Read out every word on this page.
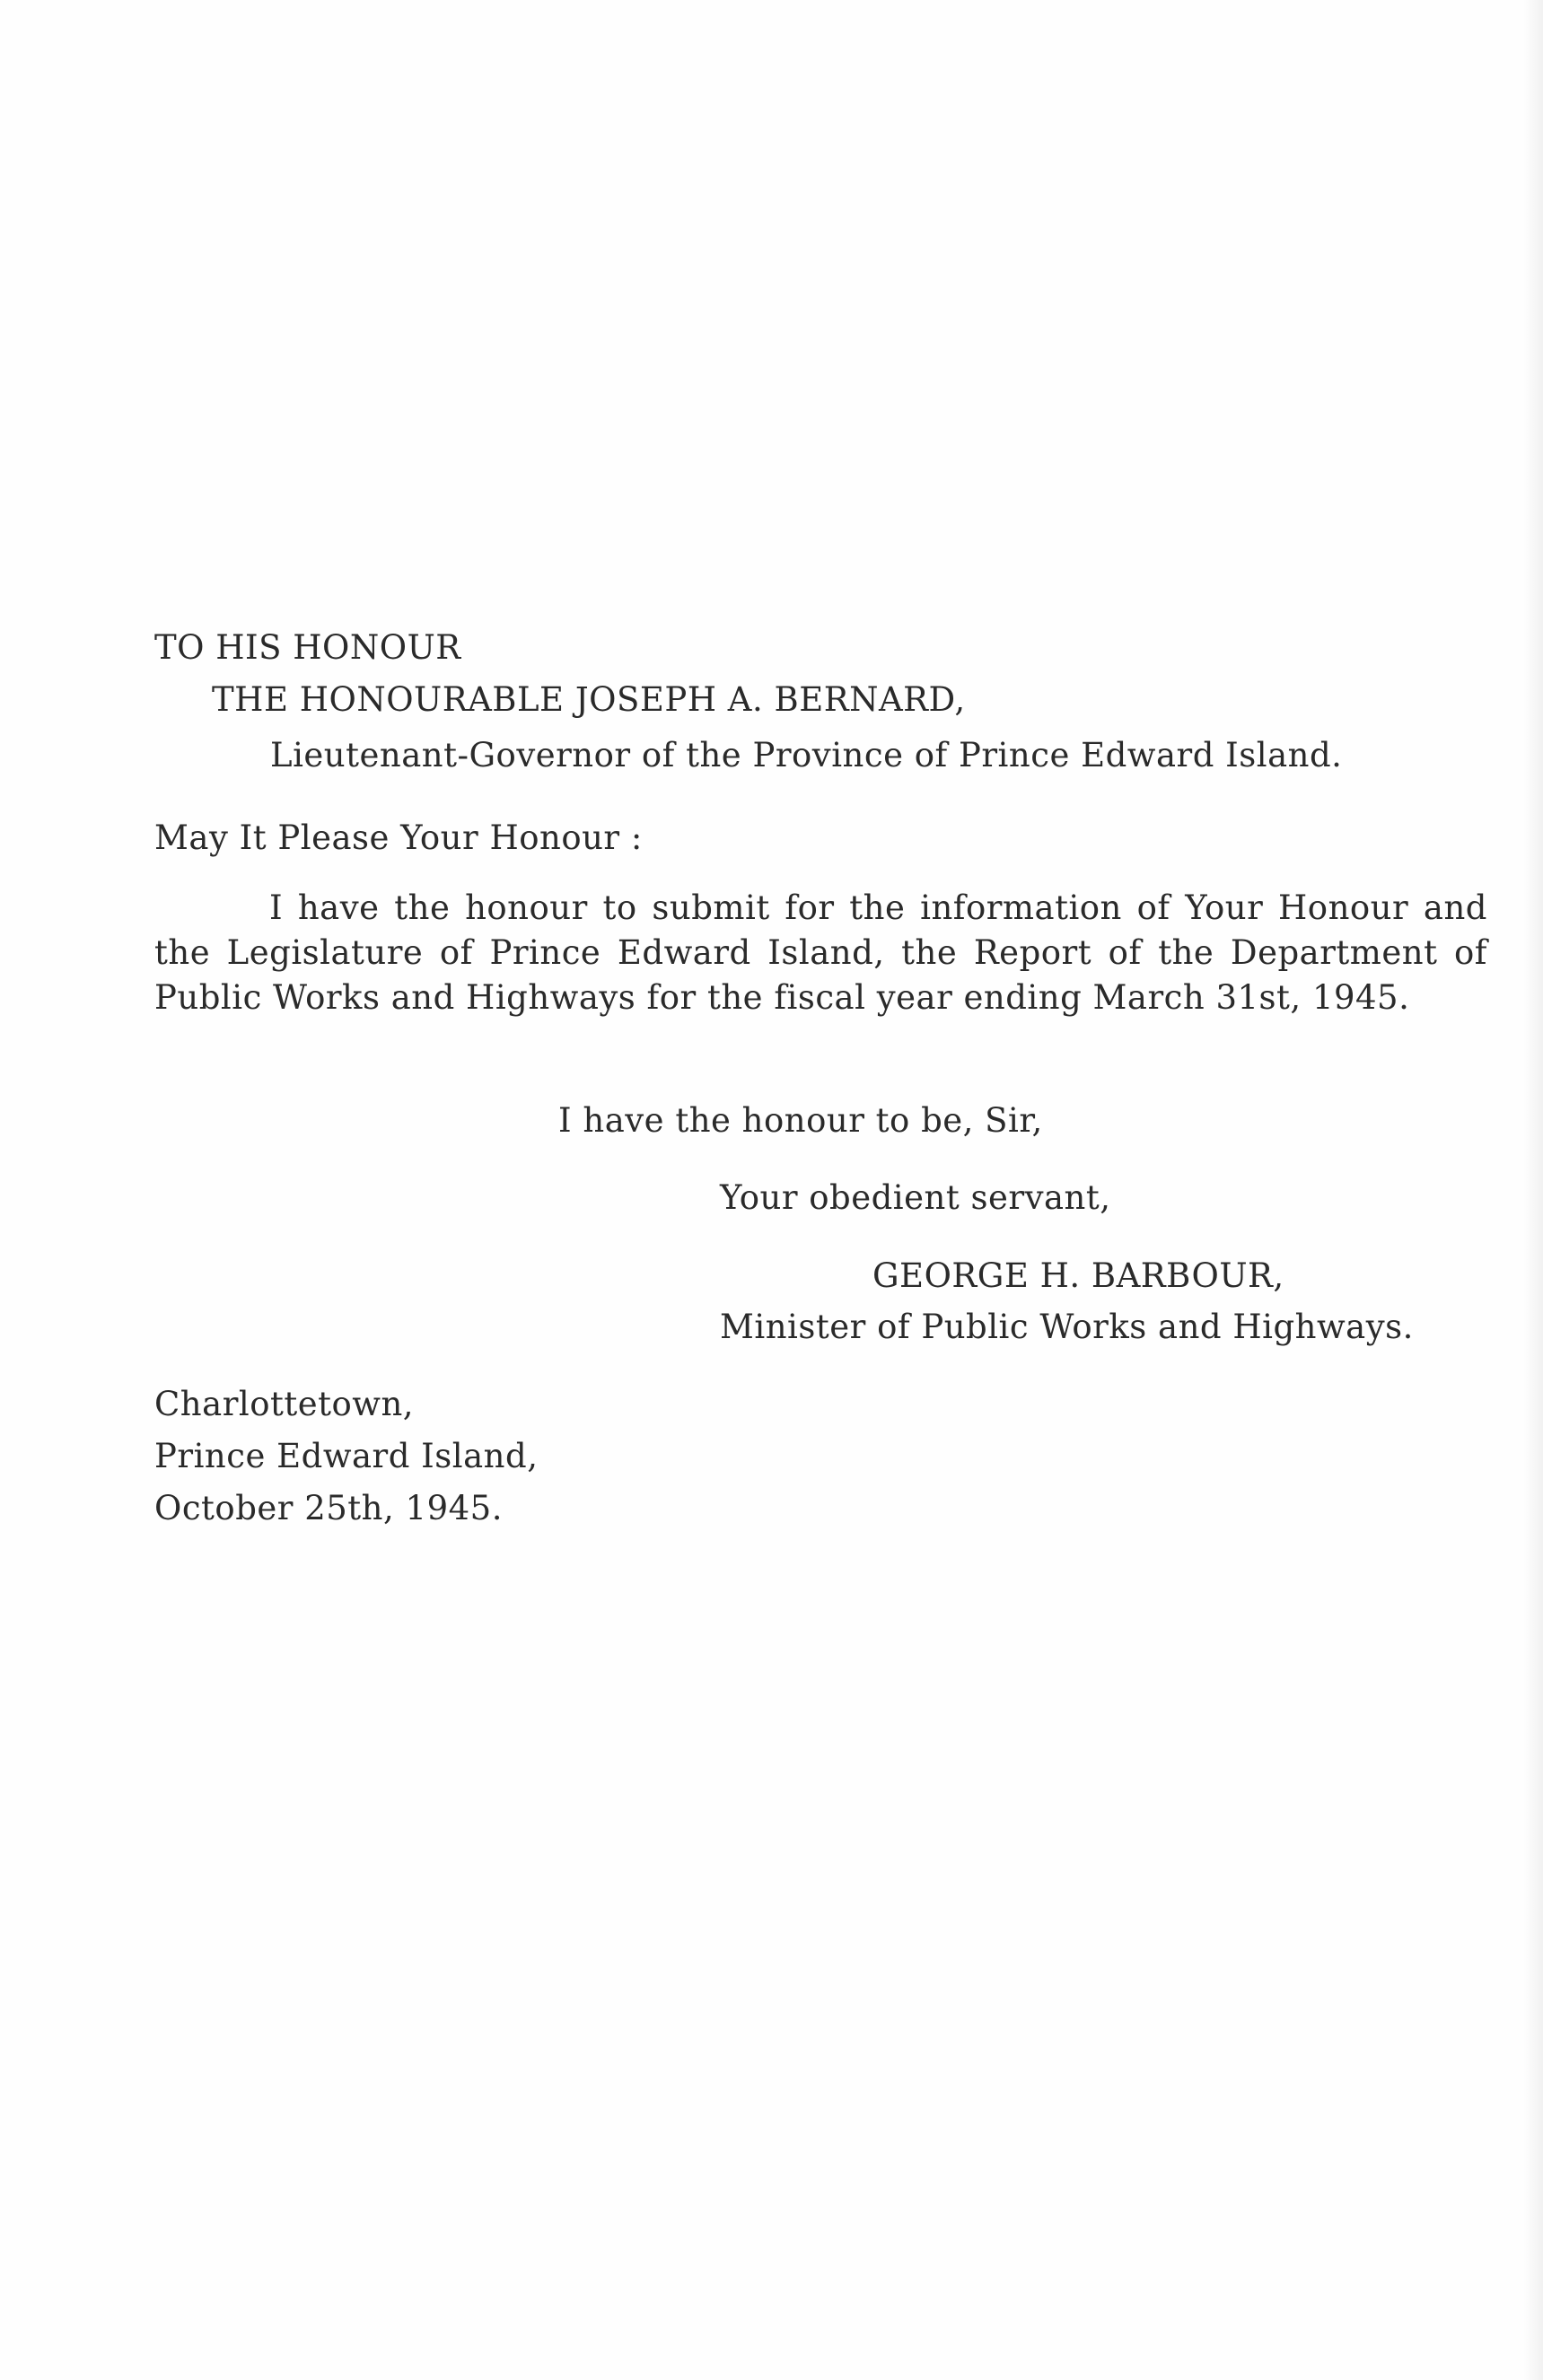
TO HIS HONOUR
THE HONOURABLE JOSEPH A. BERNARD,
Lieutenant-Governor of the Province of Prince Edward Island.
May It Please Your Honour :
I have the honour to submit for the information of Your Honour and the Legislature of Prince Edward Island, the Report of the Department of Public Works and Highways for the fiscal year ending March 31st, 1945.
I have the honour to be, Sir,
Your obedient servant,
GEORGE H. BARBOUR,
Minister of Public Works and Highways.
Charlottetown,
Prince Edward Island,
October 25th, 1945.
